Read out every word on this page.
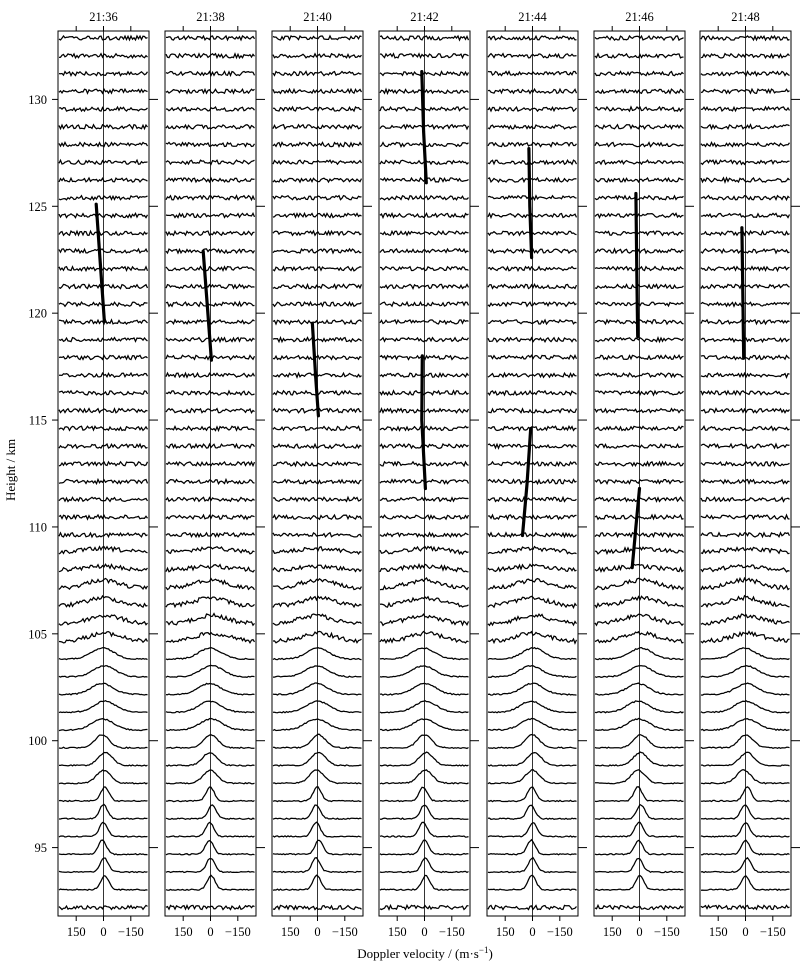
150 0 −150
21:36
150 0 −150
21:38
150 0 −150
21:40
150 0 −150
21:42
150 0 −150
21:44
150 0 −150
21:46
150 0 −150
21:48
95
100
105
110
115
120
125
130
Height / km
Doppler velocity / $(m\cdot s^{-1})$
